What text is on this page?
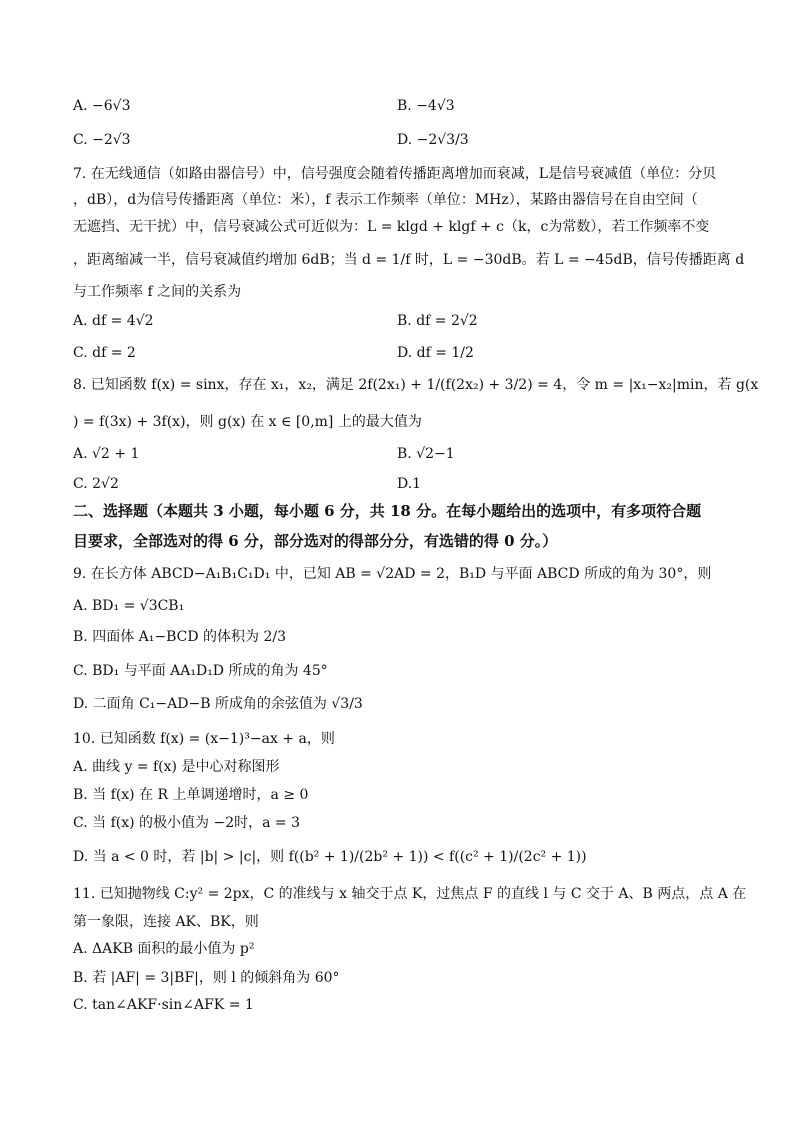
A. −6√3	B. −4√3
C. −2√3	D. −2√3/3
7. 在无线通信（如路由器信号）中，信号强度会随着传播距离增加而衰减，L是信号衰减值（单位：分贝
，dB），d为信号传播距离（单位：米），f 表示工作频率（单位：MHz），某路由器信号在自由空间（
无遮挡、无干扰）中，信号衰减公式可近似为：L = klgd + klgf + c（k，c为常数），若工作频率不变
，距离缩减一半，信号衰减值约增加 6dB；当 d = 1/f 时，L = −30dB。若 L = −45dB，信号传播距离 d
与工作频率 f 之间的关系为
A. df = 4√2	B. df = 2√2
C. df = 2	D. df = 1/2
8. 已知函数 f(x) = sinx，存在 x₁，x₂，满足 2f(2x₁) + 1/(f(2x₂) + 3/2) = 4，令 m = |x₁−x₂|min，若 g(x
) = f(3x) + 3f(x)，则 g(x) 在 x ∈ [0,m] 上的最大值为
A. √2 + 1	B. √2−1
C. 2√2	D.1
二、选择题（本题共 3 小题，每小题 6 分，共 18 分。在每小题给出的选项中，有多项符合题
目要求，全部选对的得 6 分，部分选对的得部分分，有选错的得 0 分。）
9. 在长方体 ABCD−A₁B₁C₁D₁ 中，已知 AB = √2AD = 2，B₁D 与平面 ABCD 所成的角为 30°，则
A. BD₁ = √3CB₁
B. 四面体 A₁−BCD 的体积为 2/3
C. BD₁ 与平面 AA₁D₁D 所成的角为 45°
D. 二面角 C₁−AD−B 所成角的余弦值为 √3/3
10. 已知函数 f(x) = (x−1)³−ax + a，则
A. 曲线 y = f(x) 是中心对称图形
B. 当 f(x) 在 R 上单调递增时，a ≥ 0
C. 当 f(x) 的极小值为 −2时，a = 3
D. 当 a < 0 时，若 |b| > |c|，则 f((b² + 1)/(2b² + 1)) < f((c² + 1)/(2c² + 1))
11. 已知抛物线 C:y² = 2px，C 的准线与 x 轴交于点 K，过焦点 F 的直线 l 与 C 交于 A、B 两点，点 A 在
第一象限，连接 AK、BK，则
A. ΔAKB 面积的最小值为 p²
B. 若 |AF| = 3|BF|，则 l 的倾斜角为 60°
C. tan∠AKF·sin∠AFK = 1
